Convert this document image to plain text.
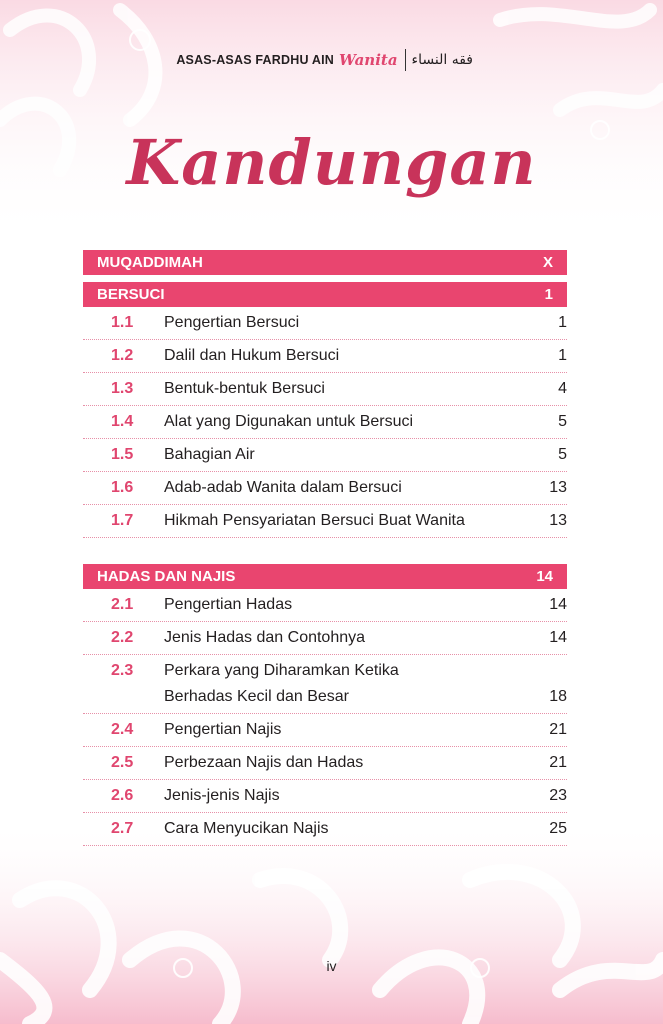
ASAS-ASAS FARDHU AIN Wanita فقه النساء
Kandungan
MUQADDIMAH	X
BERSUCI	1
1.1	Pengertian Bersuci	1
1.2	Dalil dan Hukum Bersuci	1
1.3	Bentuk-bentuk Bersuci	4
1.4	Alat yang Digunakan untuk Bersuci	5
1.5	Bahagian Air	5
1.6	Adab-adab Wanita dalam Bersuci	13
1.7	Hikmah Pensyariatan Bersuci Buat Wanita	13
HADAS DAN NAJIS	14
2.1	Pengertian Hadas	14
2.2	Jenis Hadas dan Contohnya	14
2.3	Perkara yang Diharamkan Ketika
Berhadas Kecil dan Besar	18
2.4	Pengertian Najis	21
2.5	Perbezaan Najis dan Hadas	21
2.6	Jenis-jenis Najis	23
2.7	Cara Menyucikan Najis	25
iv
